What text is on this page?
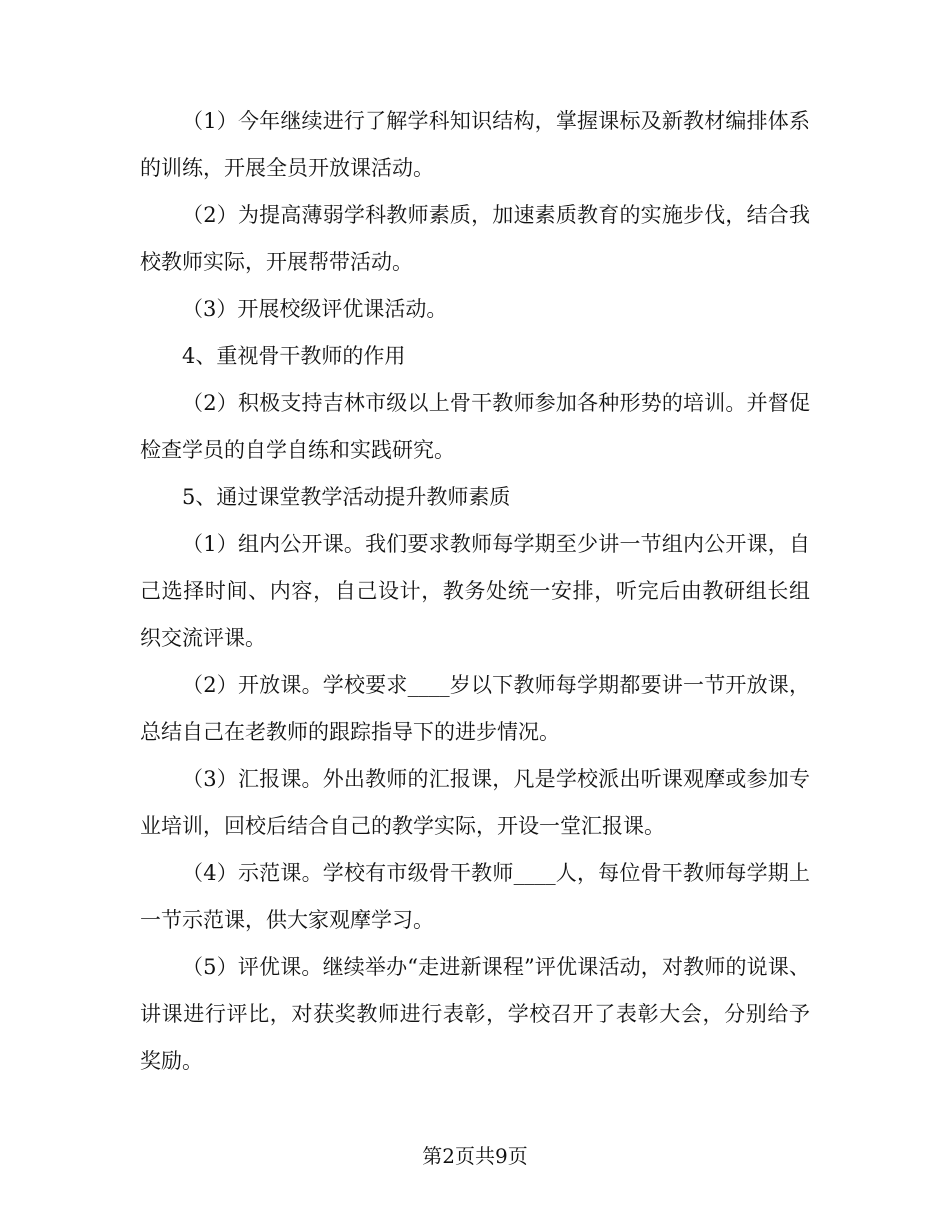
（1）今年继续进行了解学科知识结构，掌握课标及新教材编排体系的训练，开展全员开放课活动。

（2）为提高薄弱学科教师素质，加速素质教育的实施步伐，结合我校教师实际，开展帮带活动。

（3）开展校级评优课活动。

4、重视骨干教师的作用

（2）积极支持吉林市级以上骨干教师参加各种形势的培训。并督促检查学员的自学自练和实践研究。

5、通过课堂教学活动提升教师素质

（1）组内公开课。我们要求教师每学期至少讲一节组内公开课，自己选择时间、内容，自己设计，教务处统一安排，听完后由教研组长组织交流评课。

（2）开放课。学校要求____岁以下教师每学期都要讲一节开放课，总结自己在老教师的跟踪指导下的进步情况。

（3）汇报课。外出教师的汇报课，凡是学校派出听课观摩或参加专业培训，回校后结合自己的教学实际，开设一堂汇报课。

（4）示范课。学校有市级骨干教师____人，每位骨干教师每学期上一节示范课，供大家观摩学习。

（5）评优课。继续举办“走进新课程”评优课活动，对教师的说课、讲课进行评比，对获奖教师进行表彰，学校召开了表彰大会，分别给予奖励。

第2页共9页
